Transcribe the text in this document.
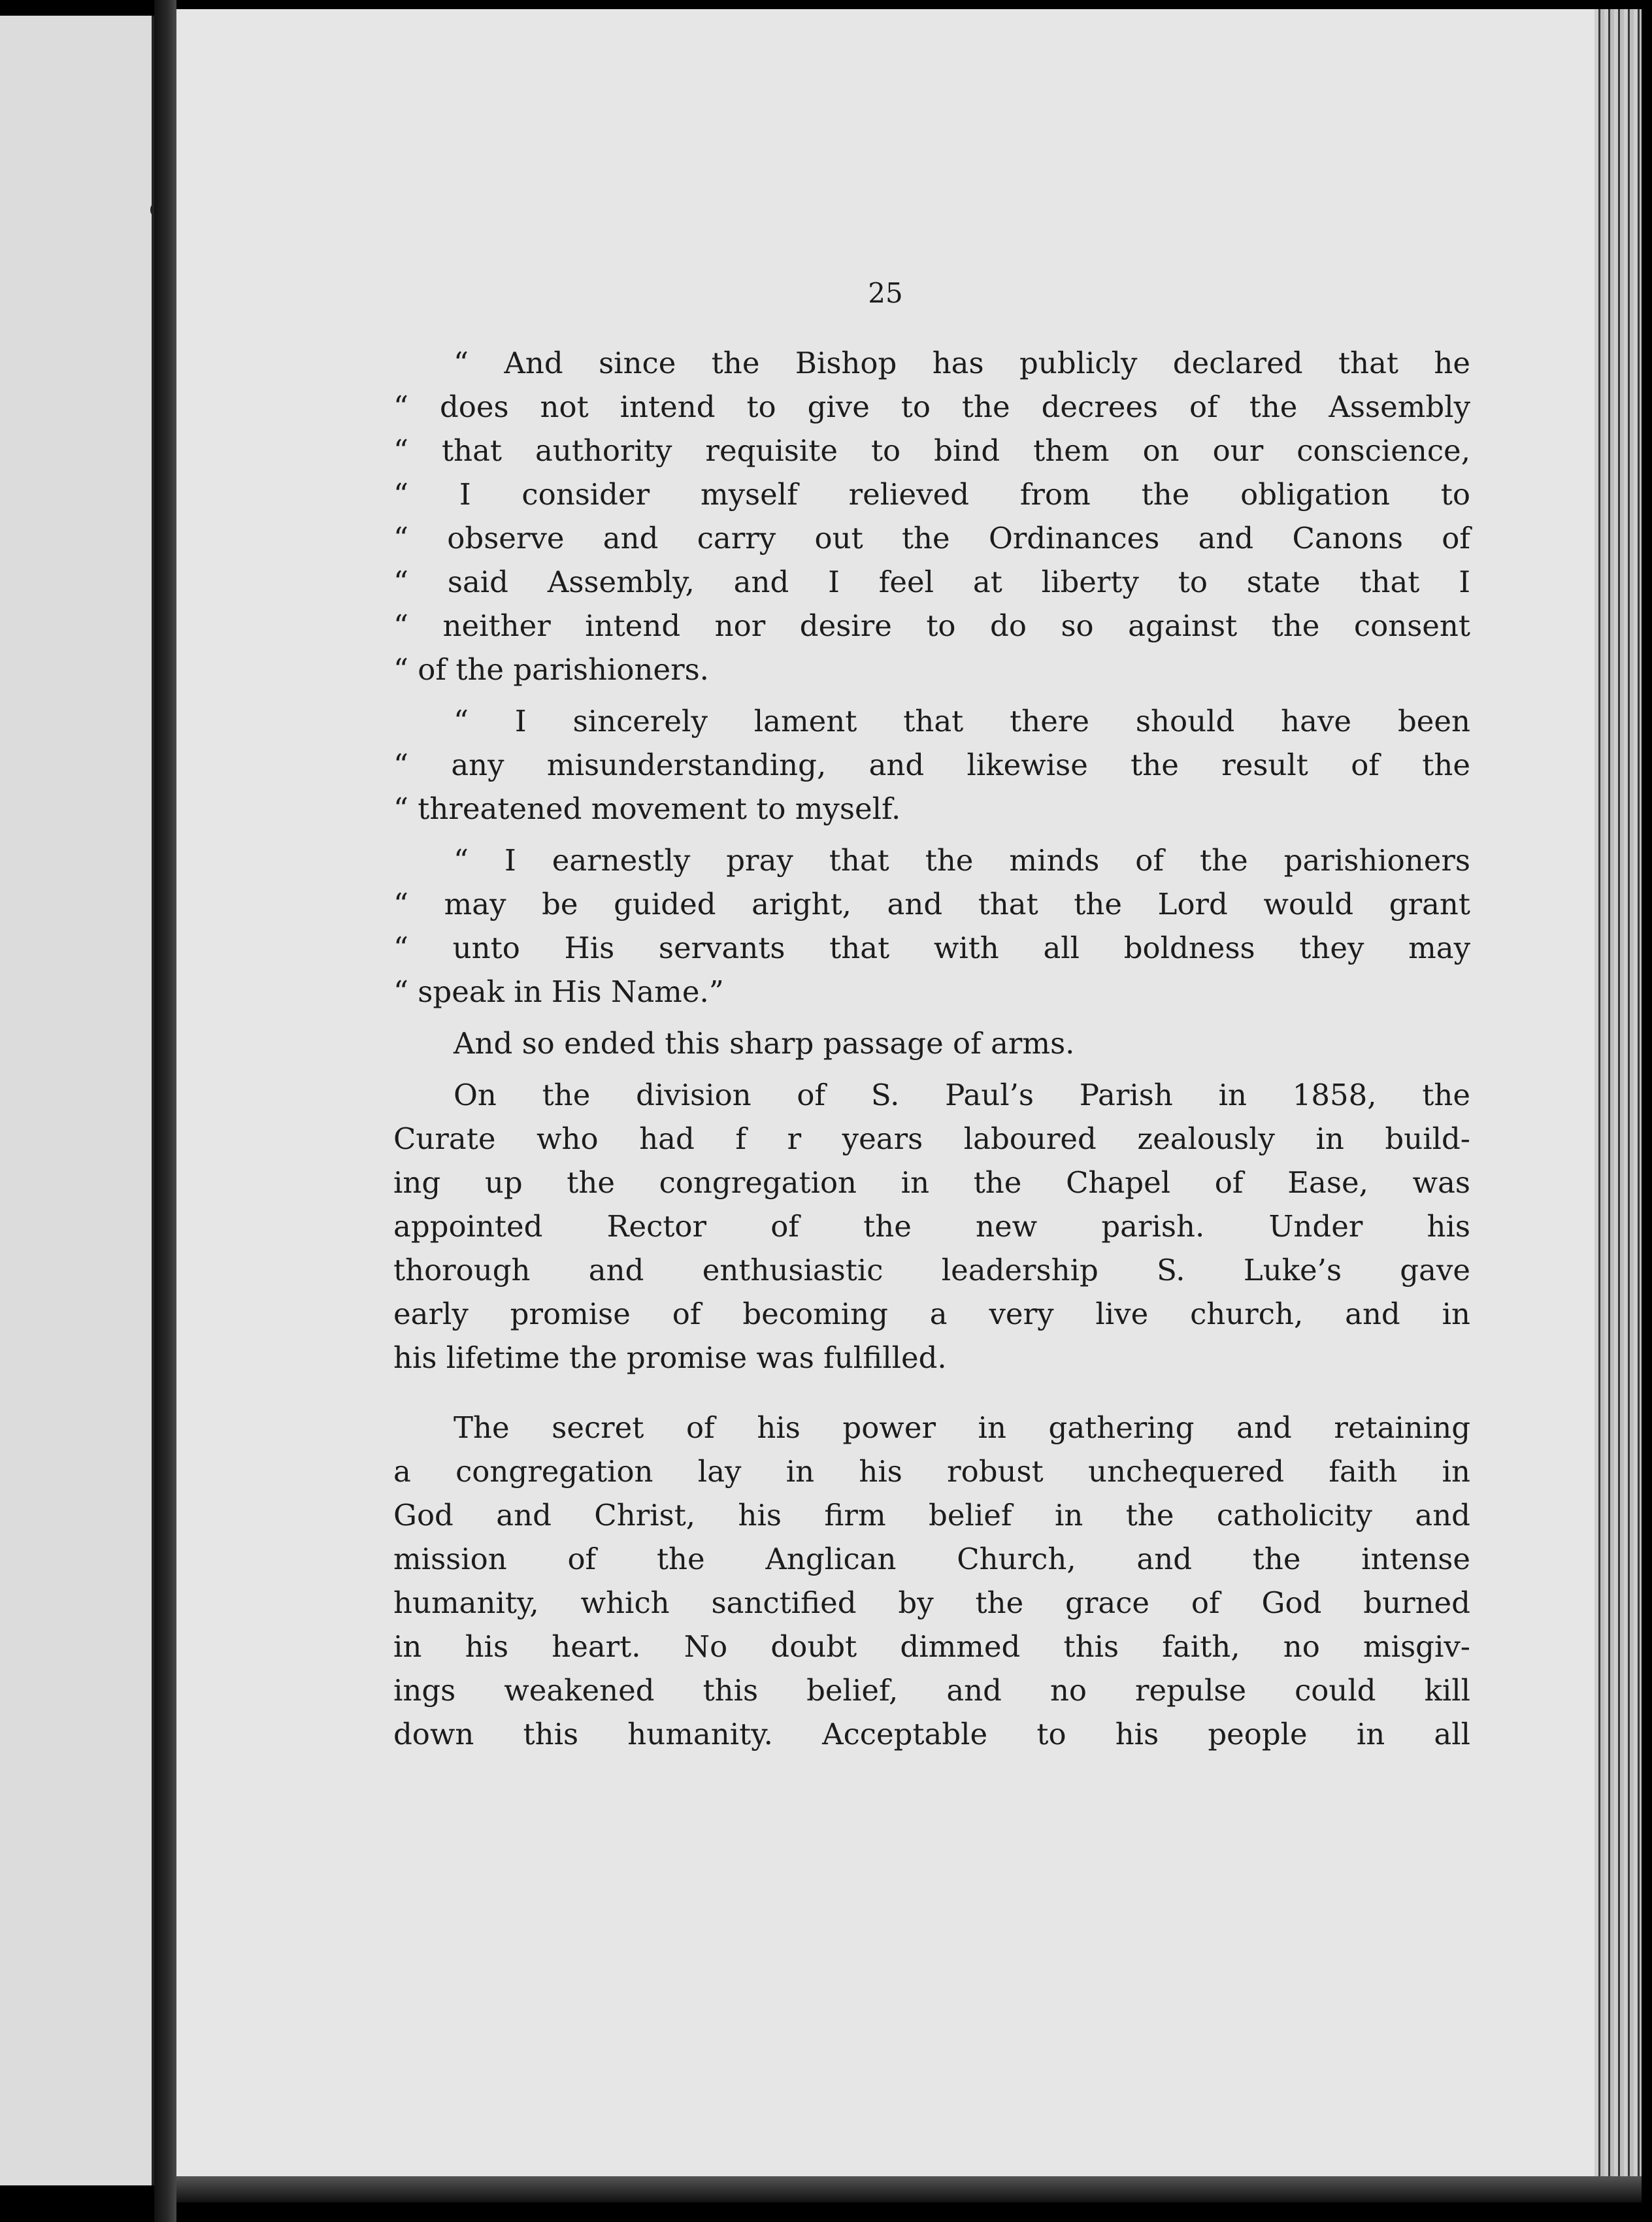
25

“ And since the Bishop has publicly declared that he
“ does not intend to give to the decrees of the Assembly
“ that authority requisite to bind them on our conscience,
“ I consider myself relieved from the obligation to
“ observe and carry out the Ordinances and Canons of
“ said Assembly, and I feel at liberty to state that I
“ neither intend nor desire to do so against the consent
“ of the parishioners.
“ I sincerely lament that there should have been
“ any misunderstanding, and likewise the result of the
“ threatened movement to myself.
“ I earnestly pray that the minds of the parishioners
“ may be guided aright, and that the Lord would grant
“ unto His servants that with all boldness they may
“ speak in His Name.”
And so ended this sharp passage of arms.
On the division of S. Paul’s Parish in 1858, the
Curate who had f r years laboured zealously in build-
ing up the congregation in the Chapel of Ease, was
appointed Rector of the new parish. Under his
thorough and enthusiastic leadership S. Luke’s gave
early promise of becoming a very live church, and in
his lifetime the promise was fulfilled.
The secret of his power in gathering and retaining
a congregation lay in his robust unchequered faith in
God and Christ, his firm belief in the catholicity and
mission of the Anglican Church, and the intense
humanity, which sanctified by the grace of God burned
in his heart. No doubt dimmed this faith, no misgiv-
ings weakened this belief, and no repulse could kill
down this humanity. Acceptable to his people in all
